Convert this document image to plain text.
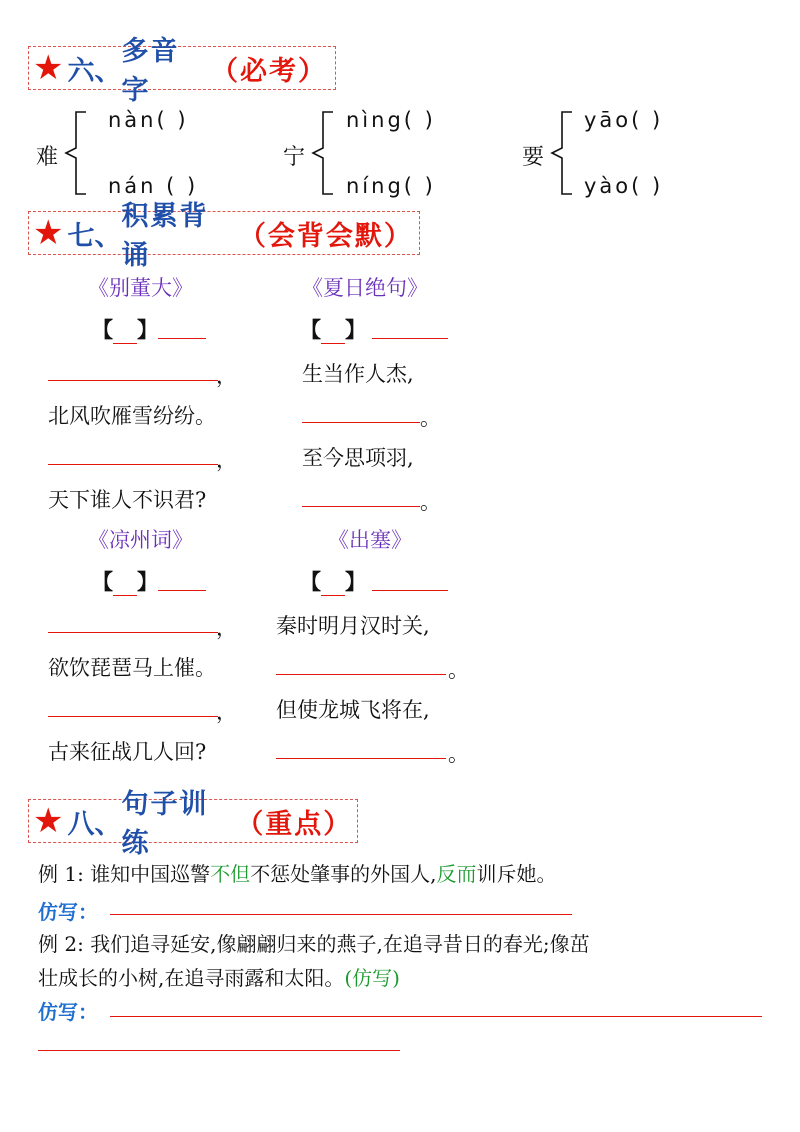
★ 六、
多音字
（必考）
难
nàn( )
nán ( )
宁
nìng( )
níng( )
要
yāo( )
yào( )
★ 七、
积累背诵
（会背会默）
《别董大》
【 】
，
北风吹雁雪纷纷。
，
天下谁人不识君?
《夏日绝句》
【 】
生当作人杰,
。
至今思项羽,
。
《凉州词》
【 】
，
欲饮琵琶马上催。
，
古来征战几人回?
《出塞》
【 】
秦时明月汉时关,
。
但使龙城飞将在,
。
★ 八、
句子训练
（重点）
例 1: 谁知中国巡警不但不惩处肇事的外国人,反而训斥她。
仿写：
例 2: 我们追寻延安,像翩翩归来的燕子,在追寻昔日的春光;像茁
壮成长的小树,在追寻雨露和太阳。(仿写)
仿写：
